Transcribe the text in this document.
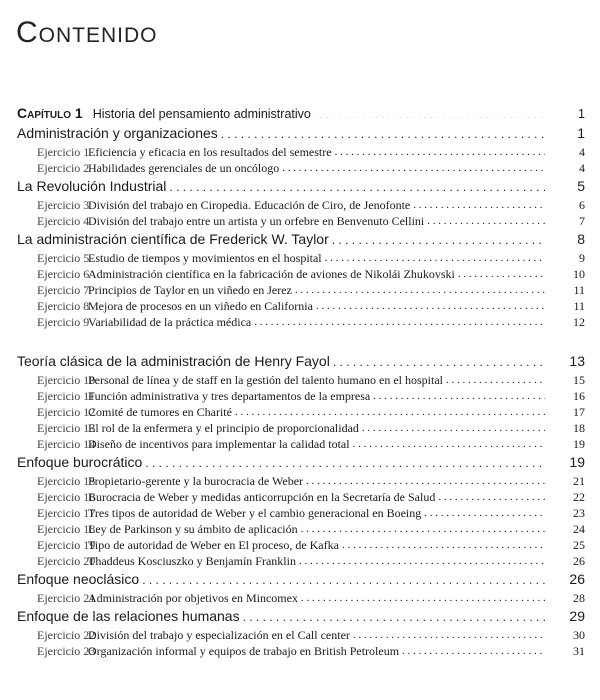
Contenido
Capítulo 1 Historia del pensamiento administrativo . . .	1
Administración y organizaciones . . .	1
Ejercicio 1Eficiencia y eficacia en los resultados del semestre . . .	4
Ejercicio 2Habilidades gerenciales de un oncólogo . . .	4
La Revolución Industrial . . .	5
Ejercicio 3División del trabajo en Ciropedia. Educación de Ciro, de Jenofonte . . .	6
Ejercicio 4División del trabajo entre un artista y un orfebre en Benvenuto Cellini . . .	7
La administración científica de Frederick W. Taylor . . .	8
Ejercicio 5Estudio de tiempos y movimientos en el hospital . . .	9
Ejercicio 6Administración científica en la fabricación de aviones de Nikolái Zhukovski . . .	10
Ejercicio 7Principios de Taylor en un viñedo en Jerez . . .	11
Ejercicio 8Mejora de procesos en un viñedo en California . . .	11
Ejercicio 9Variabilidad de la práctica médica . . .	12
Teoría clásica de la administración de Henry Fayol . . .	13
Ejercicio 10Personal de línea y de staff en la gestión del talento humano en el hospital . . .	15
Ejercicio 11Función administrativa y tres departamentos de la empresa . . .	16
Ejercicio 12Comité de tumores en Charité . . .	17
Ejercicio 13El rol de la enfermera y el principio de proporcionalidad . . .	18
Ejercicio 14Diseño de incentivos para implementar la calidad total . . .	19
Enfoque burocrático . . .	19
Ejercicio 15Propietario-gerente y la burocracia de Weber . . .	21
Ejercicio 16Burocracia de Weber y medidas anticorrupción en la Secretaría de Salud . . .	22
Ejercicio 17Tres tipos de autoridad de Weber y el cambio generacional en Boeing . . .	23
Ejercicio 18Ley de Parkinson y su ámbito de aplicación . . .	24
Ejercicio 19Tipo de autoridad de Weber en El proceso, de Kafka . . .	25
Ejercicio 20Thaddeus Kosciuszko y Benjamín Franklin . . .	26
Enfoque neoclásico . . .	26
Ejercicio 21Administración por objetivos en Mincomex . . .	28
Enfoque de las relaciones humanas . . .	29
Ejercicio 22División del trabajo y especialización en el Call center . . .	30
Ejercicio 23Organización informal y equipos de trabajo en British Petroleum . . .	31
